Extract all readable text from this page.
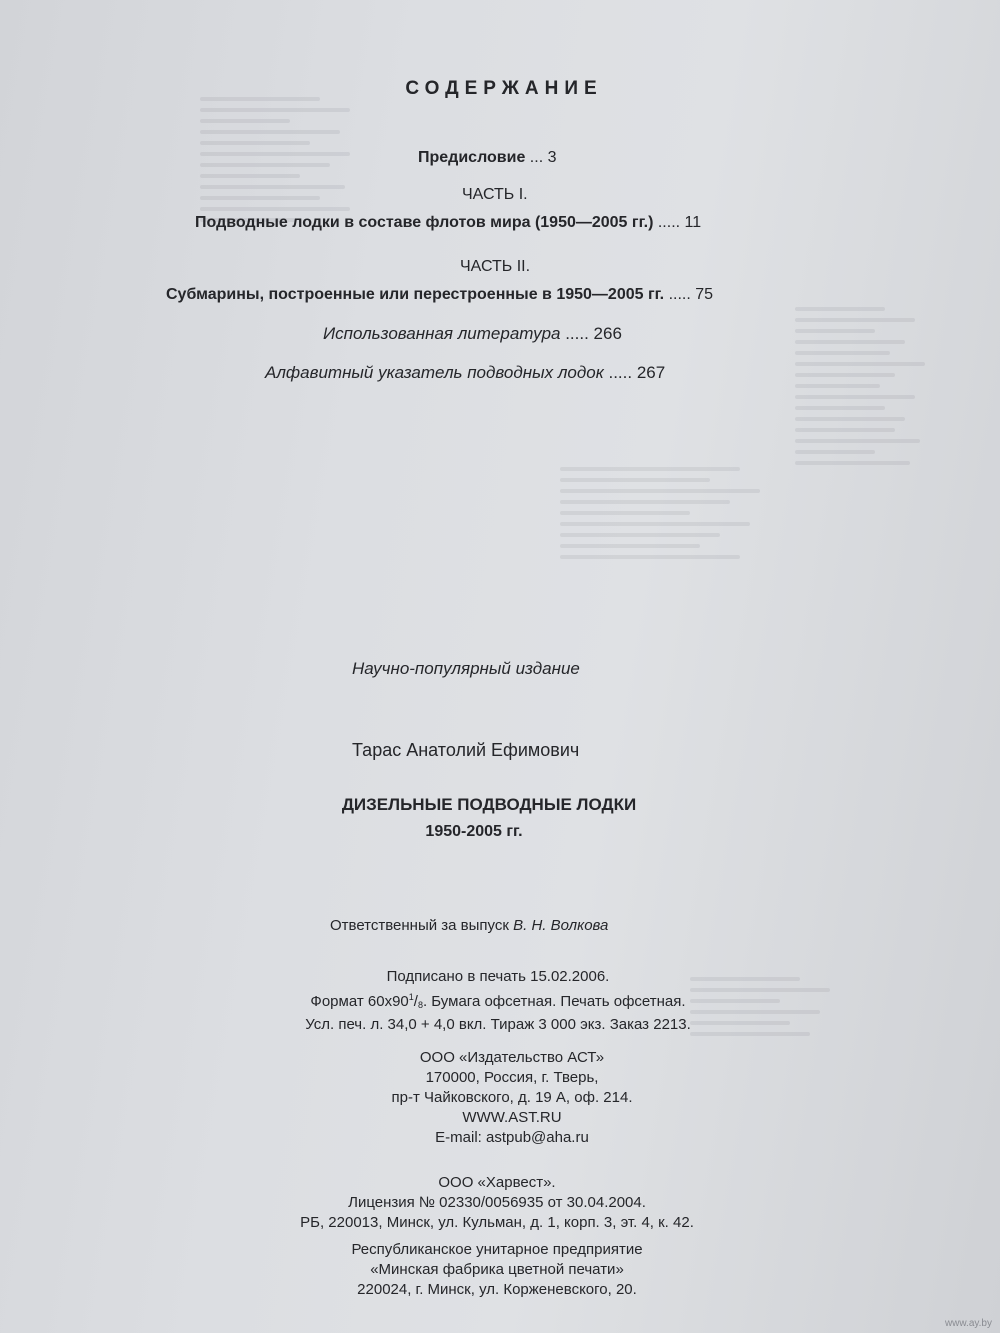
СОДЕРЖАНИЕ
Предисловие ... 3
ЧАСТЬ I.
Подводные лодки в составе флотов мира (1950—2005 гг.) ..... 11
ЧАСТЬ II.
Субмарины, построенные или перестроенные в 1950—2005 гг. ..... 75
Использованная литература ..... 266
Алфавитный указатель подводных лодок ..... 267
Научно-популярный издание
Тарас Анатолий Ефимович
ДИЗЕЛЬНЫЕ ПОДВОДНЫЕ ЛОДКИ
1950-2005 гг.
Ответственный за выпуск В. Н. Волкова
Подписано в печать 15.02.2006.
Формат $60x90^1/_8$. Бумага офсетная. Печать офсетная.
Усл. печ. л. 34,0 + 4,0 вкл. Тираж 3 000 экз. Заказ 2213.
ООО «Издательство АСТ»
170000, Россия, г. Тверь,
пр-т Чайковского, д. 19 А, оф. 214.
WWW.AST.RU
E-mail: astpub@aha.ru
ООО «Харвест».
Лицензия № 02330/0056935 от 30.04.2004.
РБ, 220013, Минск, ул. Кульман, д. 1, корп. 3, эт. 4, к. 42.
Республиканское унитарное предприятие
«Минская фабрика цветной печати»
220024, г. Минск, ул. Корженевского, 20.
www.ay.by
